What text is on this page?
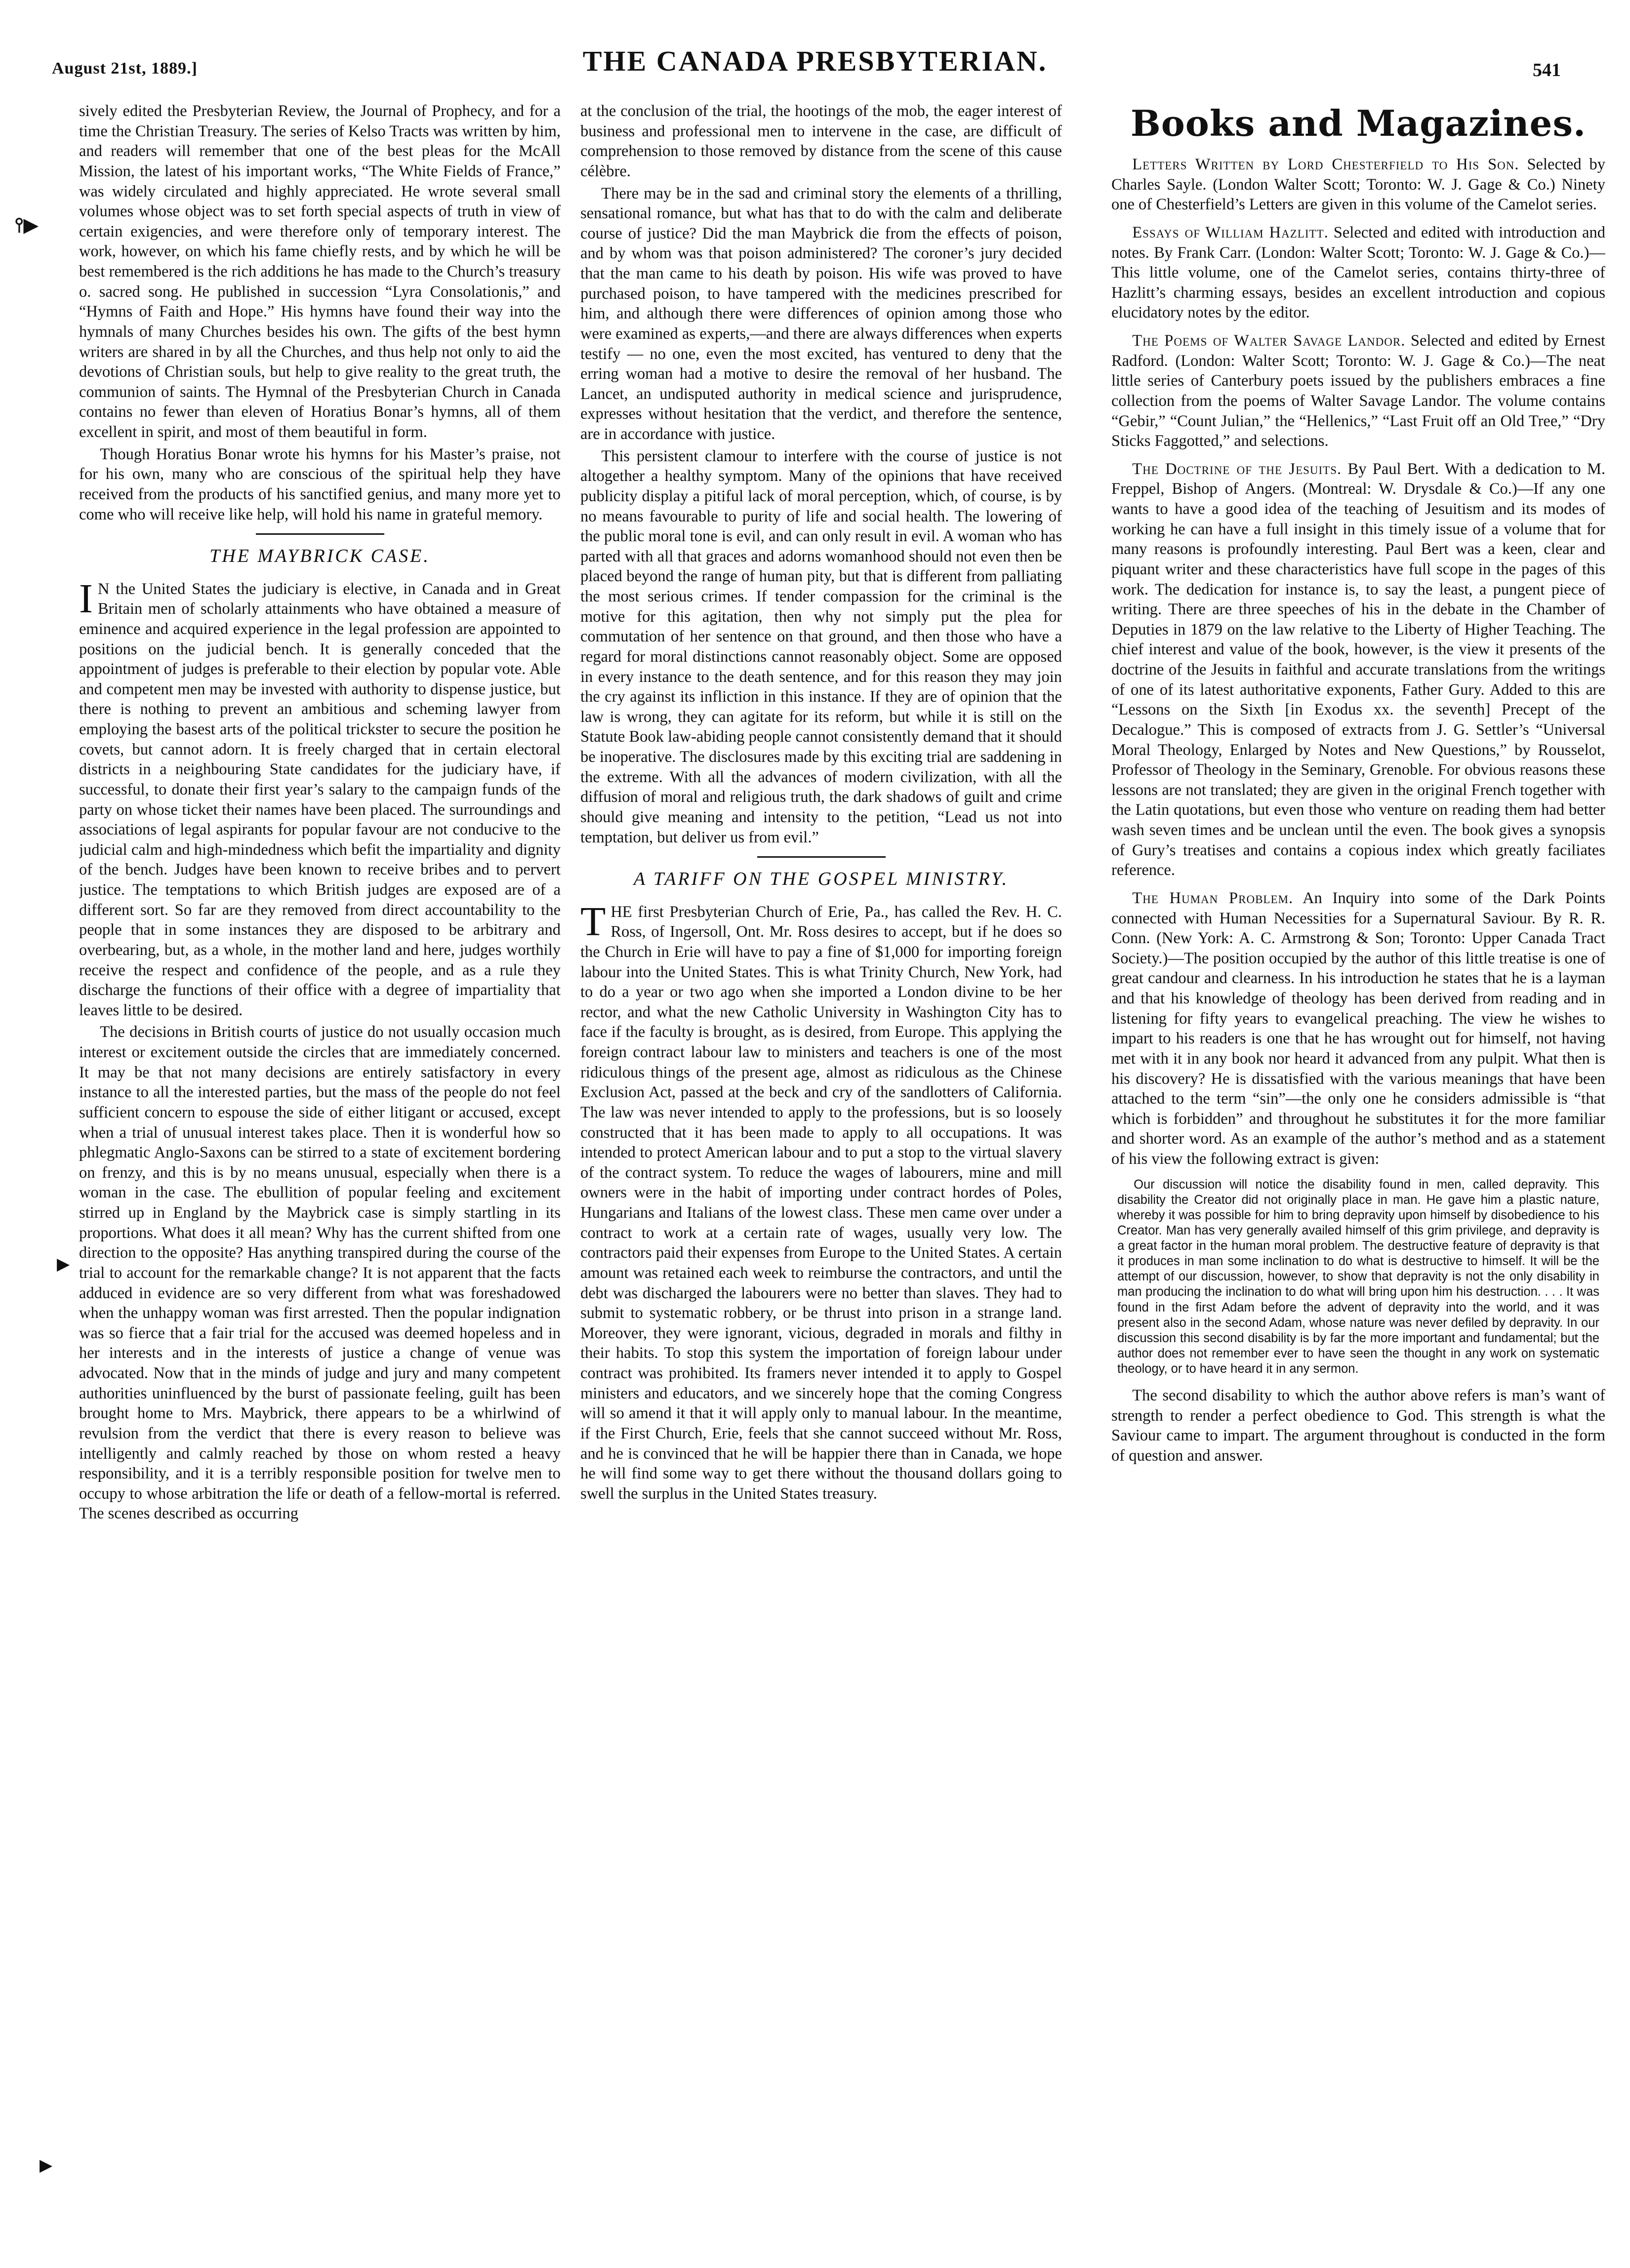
August 21st, 1889.]	THE CANADA PRESBYTERIAN.	541
⫯▶
▶
▶

sively edited the Presbyterian Review, the Journal of Prophecy, and for a time the Christian Treasury. The series of Kelso Tracts was written by him, and readers will remember that one of the best pleas for the McAll Mission, the latest of his important works, “The White Fields of France,” was widely circulated and highly appreciated. He wrote several small volumes whose object was to set forth special aspects of truth in view of certain exigencies, and were therefore only of temporary interest. The work, however, on which his fame chiefly rests, and by which he will be best remembered is the rich additions he has made to the Church’s treasury o. sacred song. He published in succession “Lyra Consolationis,” and “Hymns of Faith and Hope.” His hymns have found their way into the hymnals of many Churches besides his own. The gifts of the best hymn writers are shared in by all the Churches, and thus help not only to aid the devotions of Christian souls, but help to give reality to the great truth, the communion of saints. The Hymnal of the Presbyterian Church in Canada contains no fewer than eleven of Horatius Bonar’s hymns, all of them excellent in spirit, and most of them beautiful in form.

Though Horatius Bonar wrote his hymns for his Master’s praise, not for his own, many who are conscious of the spiritual help they have received from the products of his sanctified genius, and many more yet to come who will receive like help, will hold his name in grateful memory.

THE MAYBRICK CASE.

I N the United States the judiciary is elective, in Canada and in Great Britain men of scholarly attainments who have obtained a measure of eminence and acquired experience in the legal profession are appointed to positions on the judicial bench. It is generally conceded that the appointment of judges is preferable to their election by popular vote. Able and competent men may be invested with authority to dispense justice, but there is nothing to prevent an ambitious and scheming lawyer from employing the basest arts of the political trickster to secure the position he covets, but cannot adorn. It is freely charged that in certain electoral districts in a neighbouring State candidates for the judiciary have, if successful, to donate their first year’s salary to the campaign funds of the party on whose ticket their names have been placed. The surroundings and associations of legal aspirants for popular favour are not conducive to the judicial calm and high-mindedness which befit the impartiality and dignity of the bench. Judges have been known to receive bribes and to pervert justice. The temptations to which British judges are exposed are of a different sort. So far are they removed from direct accountability to the people that in some instances they are disposed to be arbitrary and overbearing, but, as a whole, in the mother land and here, judges worthily receive the respect and confidence of the people, and as a rule they discharge the functions of their office with a degree of impartiality that leaves little to be desired.

The decisions in British courts of justice do not usually occasion much interest or excitement outside the circles that are immediately concerned. It may be that not many decisions are entirely satisfactory in every instance to all the interested parties, but the mass of the people do not feel sufficient concern to espouse the side of either litigant or accused, except when a trial of unusual interest takes place. Then it is wonderful how so phlegmatic Anglo-Saxons can be stirred to a state of excitement bordering on frenzy, and this is by no means unusual, especially when there is a woman in the case. The ebullition of popular feeling and excitement stirred up in England by the Maybrick case is simply startling in its proportions. What does it all mean? Why has the current shifted from one direction to the opposite? Has anything transpired during the course of the trial to account for the remarkable change? It is not apparent that the facts adduced in evidence are so very different from what was foreshadowed when the unhappy woman was first arrested. Then the popular indignation was so fierce that a fair trial for the accused was deemed hopeless and in her interests and in the interests of justice a change of venue was advocated. Now that in the minds of judge and jury and many competent authorities uninfluenced by the burst of passionate feeling, guilt has been brought home to Mrs. Maybrick, there appears to be a whirlwind of revulsion from the verdict that there is every reason to believe was intelligently and calmly reached by those on whom rested a heavy responsibility, and it is a terribly responsible position for twelve men to occupy to whose arbitration the life or death of a fellow-mortal is referred. The scenes described as occurring

at the conclusion of the trial, the hootings of the mob, the eager interest of business and professional men to intervene in the case, are difficult of comprehension to those removed by distance from the scene of this cause célèbre.

There may be in the sad and criminal story the elements of a thrilling, sensational romance, but what has that to do with the calm and deliberate course of justice? Did the man Maybrick die from the effects of poison, and by whom was that poison administered? The coroner’s jury decided that the man came to his death by poison. His wife was proved to have purchased poison, to have tampered with the medicines prescribed for him, and although there were differences of opinion among those who were examined as experts,—and there are always differences when experts testify — no one, even the most excited, has ventured to deny that the erring woman had a motive to desire the removal of her husband. The Lancet, an undisputed authority in medical science and jurisprudence, expresses without hesitation that the verdict, and therefore the sentence, are in accordance with justice.

This persistent clamour to interfere with the course of justice is not altogether a healthy symptom. Many of the opinions that have received publicity display a pitiful lack of moral perception, which, of course, is by no means favourable to purity of life and social health. The lowering of the public moral tone is evil, and can only result in evil. A woman who has parted with all that graces and adorns womanhood should not even then be placed beyond the range of human pity, but that is different from palliating the most serious crimes. If tender compassion for the criminal is the motive for this agitation, then why not simply put the plea for commutation of her sentence on that ground, and then those who have a regard for moral distinctions cannot reasonably object. Some are opposed in every instance to the death sentence, and for this reason they may join the cry against its infliction in this instance. If they are of opinion that the law is wrong, they can agitate for its reform, but while it is still on the Statute Book law-abiding people cannot consistently demand that it should be inoperative. The disclosures made by this exciting trial are saddening in the extreme. With all the advances of modern civilization, with all the diffusion of moral and religious truth, the dark shadows of guilt and crime should give meaning and intensity to the petition, “Lead us not into temptation, but deliver us from evil.”

A TARIFF ON THE GOSPEL MINISTRY.

THE first Presbyterian Church of Erie, Pa., has called the Rev. H. C. Ross, of Ingersoll, Ont. Mr. Ross desires to accept, but if he does so the Church in Erie will have to pay a fine of $1,000 for importing foreign labour into the United States. This is what Trinity Church, New York, had to do a year or two ago when she imported a London divine to be her rector, and what the new Catholic University in Washington City has to face if the faculty is brought, as is desired, from Europe. This applying the foreign contract labour law to ministers and teachers is one of the most ridiculous things of the present age, almost as ridiculous as the Chinese Exclusion Act, passed at the beck and cry of the sandlotters of California. The law was never intended to apply to the professions, but is so loosely constructed that it has been made to apply to all occupations. It was intended to protect American labour and to put a stop to the virtual slavery of the contract system. To reduce the wages of labourers, mine and mill owners were in the habit of importing under contract hordes of Poles, Hungarians and Italians of the lowest class. These men came over under a contract to work at a certain rate of wages, usually very low. The contractors paid their expenses from Europe to the United States. A certain amount was retained each week to reimburse the contractors, and until the debt was discharged the labourers were no better than slaves. They had to submit to systematic robbery, or be thrust into prison in a strange land. Moreover, they were ignorant, vicious, degraded in morals and filthy in their habits. To stop this system the importation of foreign labour under contract was prohibited. Its framers never intended it to apply to Gospel ministers and educators, and we sincerely hope that the coming Congress will so amend it that it will apply only to manual labour. In the meantime, if the First Church, Erie, feels that she cannot succeed without Mr. Ross, and he is convinced that he will be happier there than in Canada, we hope he will find some way to get there without the thousand dollars going to swell the surplus in the United States treasury.

Books and Magazines.

Letters Written by Lord Chesterfield to His Son. Selected by Charles Sayle. (London Walter Scott; Toronto: W. J. Gage & Co.) Ninety one of Chesterfield’s Letters are given in this volume of the Camelot series.

Essays of William Hazlitt. Selected and edited with introduction and notes. By Frank Carr. (London: Walter Scott; Toronto: W. J. Gage & Co.)—This little volume, one of the Camelot series, contains thirty-three of Hazlitt’s charming essays, besides an excellent introduction and copious elucidatory notes by the editor.

The Poems of Walter Savage Landor. Selected and edited by Ernest Radford. (London: Walter Scott; Toronto: W. J. Gage & Co.)—The neat little series of Canterbury poets issued by the publishers embraces a fine collection from the poems of Walter Savage Landor. The volume contains “Gebir,” “Count Julian,” the “Hellenics,” “Last Fruit off an Old Tree,” “Dry Sticks Faggotted,” and selections.

The Doctrine of the Jesuits. By Paul Bert. With a dedication to M. Freppel, Bishop of Angers. (Montreal: W. Drysdale & Co.)—If any one wants to have a good idea of the teaching of Jesuitism and its modes of working he can have a full insight in this timely issue of a volume that for many reasons is profoundly interesting. Paul Bert was a keen, clear and piquant writer and these characteristics have full scope in the pages of this work. The dedication for instance is, to say the least, a pungent piece of writing. There are three speeches of his in the debate in the Chamber of Deputies in 1879 on the law relative to the Liberty of Higher Teaching. The chief interest and value of the book, however, is the view it presents of the doctrine of the Jesuits in faithful and accurate translations from the writings of one of its latest authoritative exponents, Father Gury. Added to this are “Lessons on the Sixth [in Exodus xx. the seventh] Precept of the Decalogue.” This is composed of extracts from J. G. Settler’s “Universal Moral Theology, Enlarged by Notes and New Questions,” by Rousselot, Professor of Theology in the Seminary, Grenoble. For obvious reasons these lessons are not translated; they are given in the original French together with the Latin quotations, but even those who venture on reading them had better wash seven times and be unclean until the even. The book gives a synopsis of Gury’s treatises and contains a copious index which greatly faciliates reference.

The Human Problem. An Inquiry into some of the Dark Points connected with Human Necessities for a Supernatural Saviour. By R. R. Conn. (New York: A. C. Armstrong & Son; Toronto: Upper Canada Tract Society.)—The position occupied by the author of this little treatise is one of great candour and clearness. In his introduction he states that he is a layman and that his knowledge of theology has been derived from reading and in listening for fifty years to evangelical preaching. The view he wishes to impart to his readers is one that he has wrought out for himself, not having met with it in any book nor heard it advanced from any pulpit. What then is his discovery? He is dissatisfied with the various meanings that have been attached to the term “sin”—the only one he considers admissible is “that which is forbidden” and throughout he substitutes it for the more familiar and shorter word. As an example of the author’s method and as a statement of his view the following extract is given:

Our discussion will notice the disability found in men, called depravity. This disability the Creator did not originally place in man. He gave him a plastic nature, whereby it was possible for him to bring depravity upon himself by disobedience to his Creator. Man has very generally availed himself of this grim privilege, and depravity is a great factor in the human moral problem. The destructive feature of depravity is that it produces in man some inclination to do what is destructive to himself. It will be the attempt of our discussion, however, to show that depravity is not the only disability in man producing the inclination to do what will bring upon him his destruction. . . . It was found in the first Adam before the advent of depravity into the world, and it was present also in the second Adam, whose nature was never defiled by depravity. In our discussion this second disability is by far the more important and fundamental; but the author does not remember ever to have seen the thought in any work on systematic theology, or to have heard it in any sermon.

The second disability to which the author above refers is man’s want of strength to render a perfect obedience to God. This strength is what the Saviour came to impart. The argument throughout is conducted in the form of question and answer.
